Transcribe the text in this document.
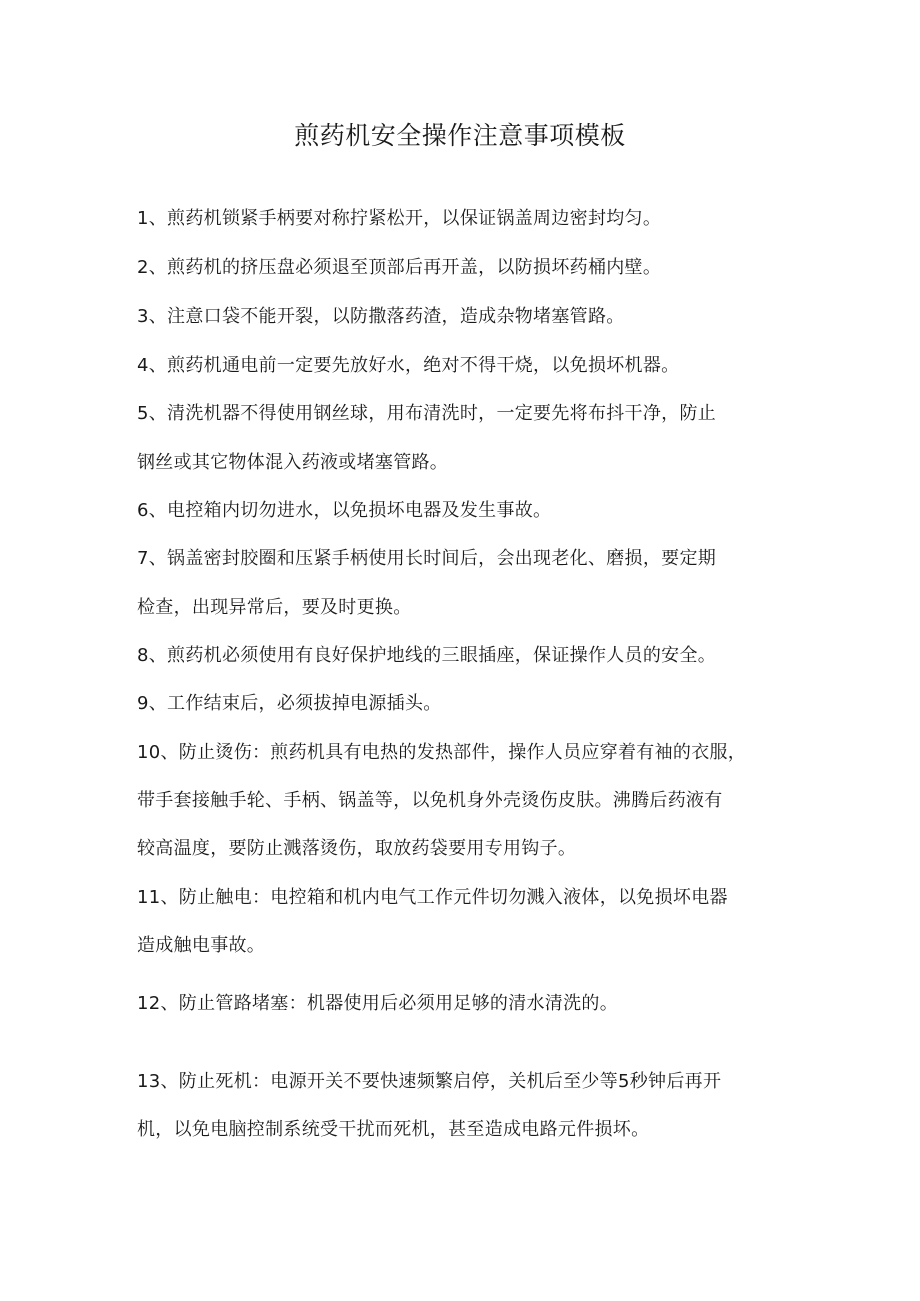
煎药机安全操作注意事项模板
1、煎药机锁紧手柄要对称拧紧松开，以保证锅盖周边密封均匀。
2、煎药机的挤压盘必须退至顶部后再开盖，以防损坏药桶内壁。
3、注意口袋不能开裂，以防撒落药渣，造成杂物堵塞管路。
4、煎药机通电前一定要先放好水，绝对不得干烧，以免损坏机器。
5、清洗机器不得使用钢丝球，用布清洗时，一定要先将布抖干净，防止
钢丝或其它物体混入药液或堵塞管路。
6、电控箱内切勿进水，以免损坏电器及发生事故。
7、锅盖密封胶圈和压紧手柄使用长时间后，会出现老化、磨损，要定期
检查，出现异常后，要及时更换。
8、煎药机必须使用有良好保护地线的三眼插座，保证操作人员的安全。
9、工作结束后，必须拔掉电源插头。
10、防止烫伤：煎药机具有电热的发热部件，操作人员应穿着有袖的衣服，
带手套接触手轮、手柄、锅盖等，以免机身外壳烫伤皮肤。沸腾后药液有
较高温度，要防止溅落烫伤，取放药袋要用专用钩子。
11、防止触电：电控箱和机内电气工作元件切勿溅入液体，以免损坏电器
造成触电事故。
12、防止管路堵塞：机器使用后必须用足够的清水清洗的。
13、防止死机：电源开关不要快速频繁启停，关机后至少等5秒钟后再开
机，以免电脑控制系统受干扰而死机，甚至造成电路元件损坏。
